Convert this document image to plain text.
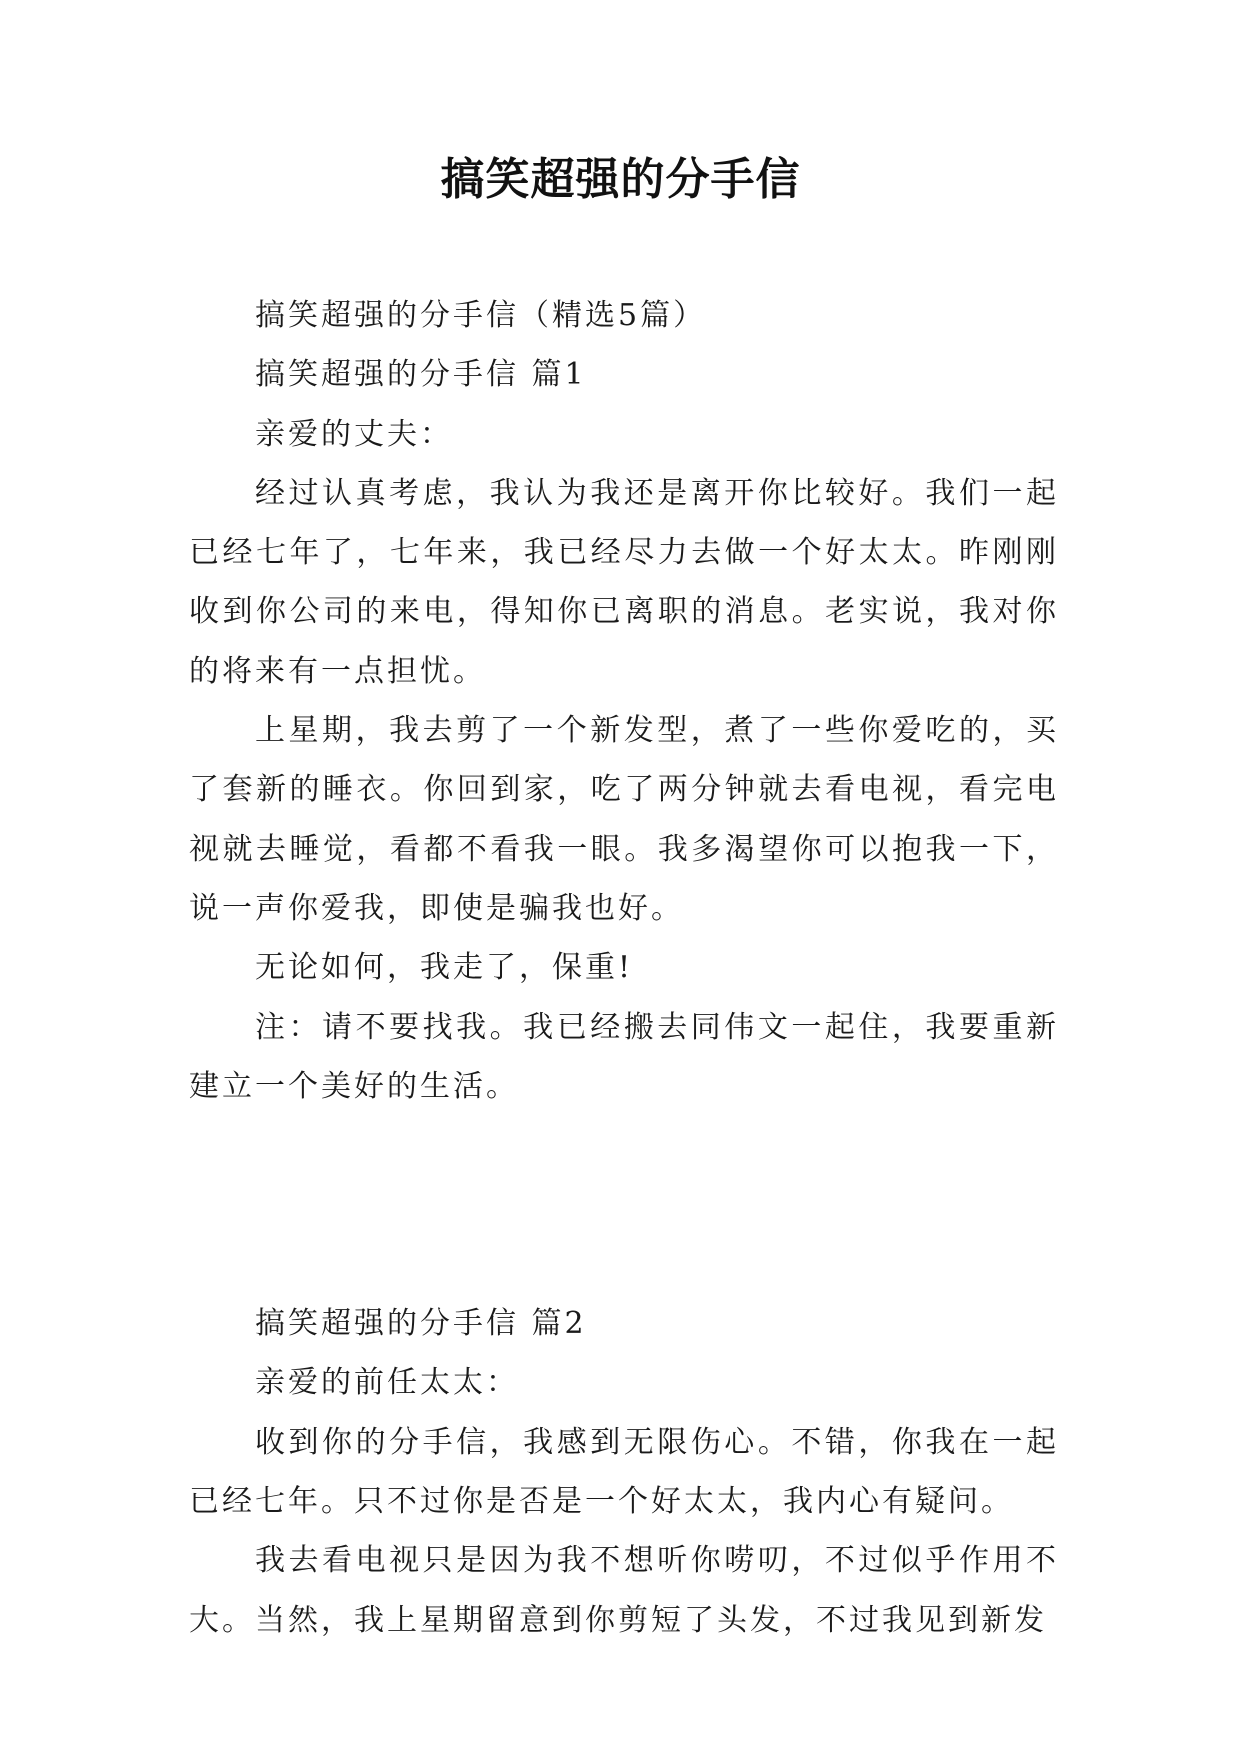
搞笑超强的分手信

搞笑超强的分手信（精选5篇）

搞笑超强的分手信 篇1

亲爱的丈夫：

经过认真考虑，我认为我还是离开你比较好。我们一起已经七年了，七年来，我已经尽力去做一个好太太。昨刚刚收到你公司的来电，得知你已离职的消息。老实说，我对你的将来有一点担忧。

上星期，我去剪了一个新发型，煮了一些你爱吃的，买了套新的睡衣。你回到家，吃了两分钟就去看电视，看完电视就去睡觉，看都不看我一眼。我多渴望你可以抱我一下，说一声你爱我，即使是骗我也好。

无论如何，我走了，保重!

注：请不要找我。我已经搬去同伟文一起住，我要重新建立一个美好的生活。

搞笑超强的分手信 篇2

亲爱的前任太太：

收到你的分手信，我感到无限伤心。不错，你我在一起已经七年。只不过你是否是一个好太太，我内心有疑问。

我去看电视只是因为我不想听你唠叨，不过似乎作用不大。当然，我上星期留意到你剪短了头发，不过我见到新发
